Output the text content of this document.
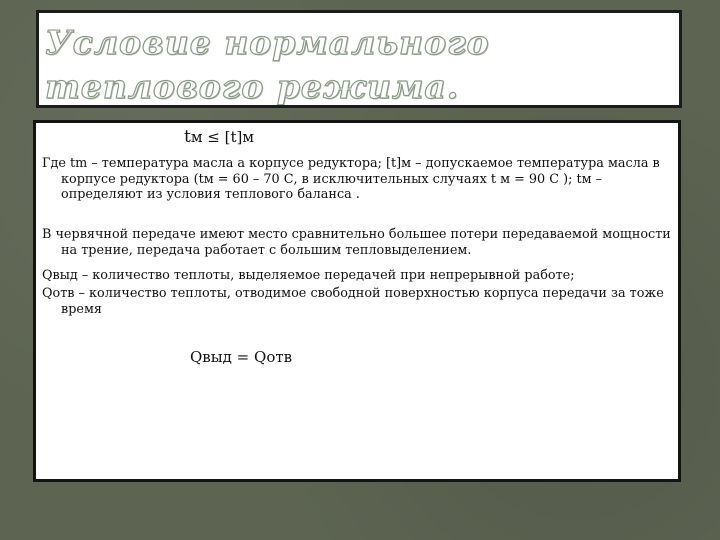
Условие нормального теплового режима.
tм ≤ [t]м

Где tm – температура масла а корпусе редуктора; [t]м – допускаемое температура масла в корпусе редуктора (tм = 60 – 70 С, в исключительных случаях t м = 90 С ); tм – определяют из условия теплового баланса .

В червячной передаче имеют место сравнительно большее потери передаваемой мощности на трение, передача работает с большим тепловыделением.

Qвыд – количество теплоты, выделяемое передачей при непрерывной работе;

Qотв – количество теплоты, отводимое свободной поверхностью корпуса передачи за тоже время

Qвыд = Qотв
